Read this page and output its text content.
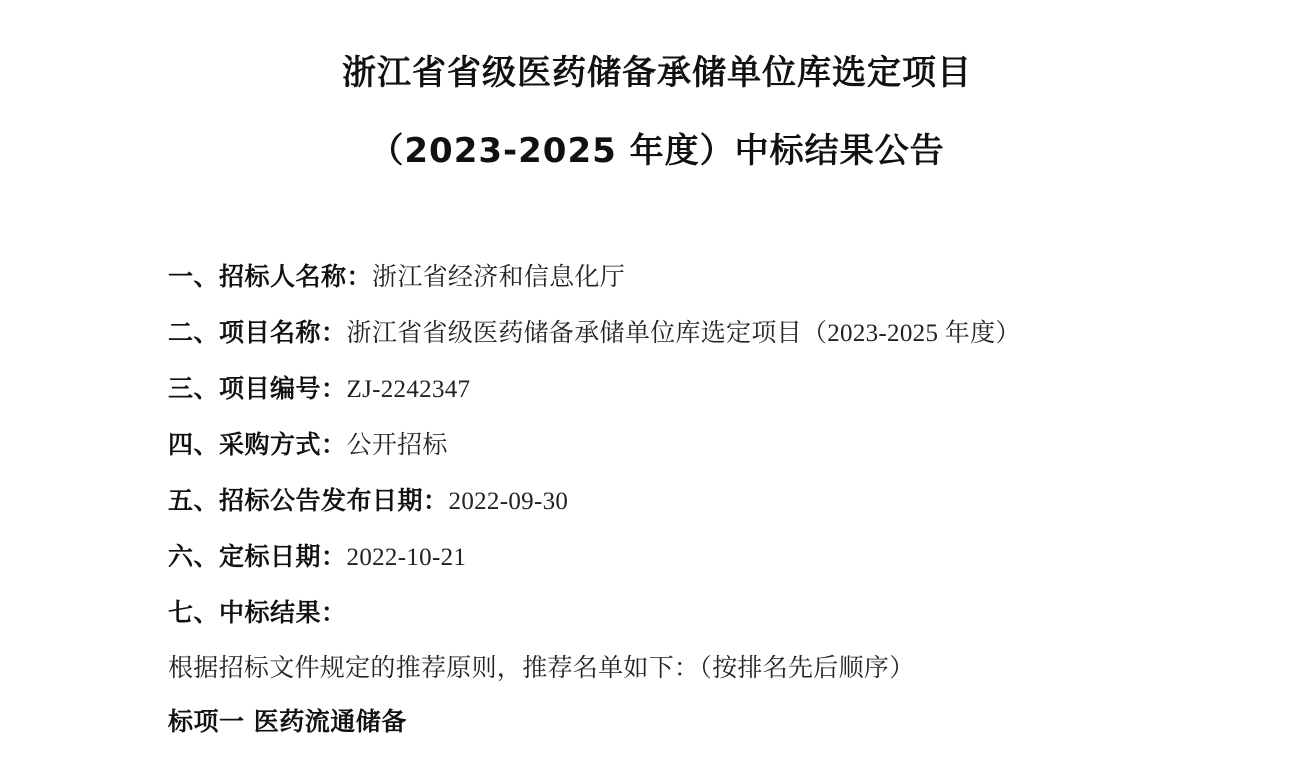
浙江省省级医药储备承储单位库选定项目
（2023-2025 年度）中标结果公告
一、招标人名称：浙江省经济和信息化厅
二、项目名称：浙江省省级医药储备承储单位库选定项目（2023-2025 年度）
三、项目编号：ZJ-2242347
四、采购方式：公开招标
五、招标公告发布日期：2022-09-30
六、定标日期：2022-10-21
七、中标结果：
根据招标文件规定的推荐原则，推荐名单如下：（按排名先后顺序）
标项一 医药流通储备
